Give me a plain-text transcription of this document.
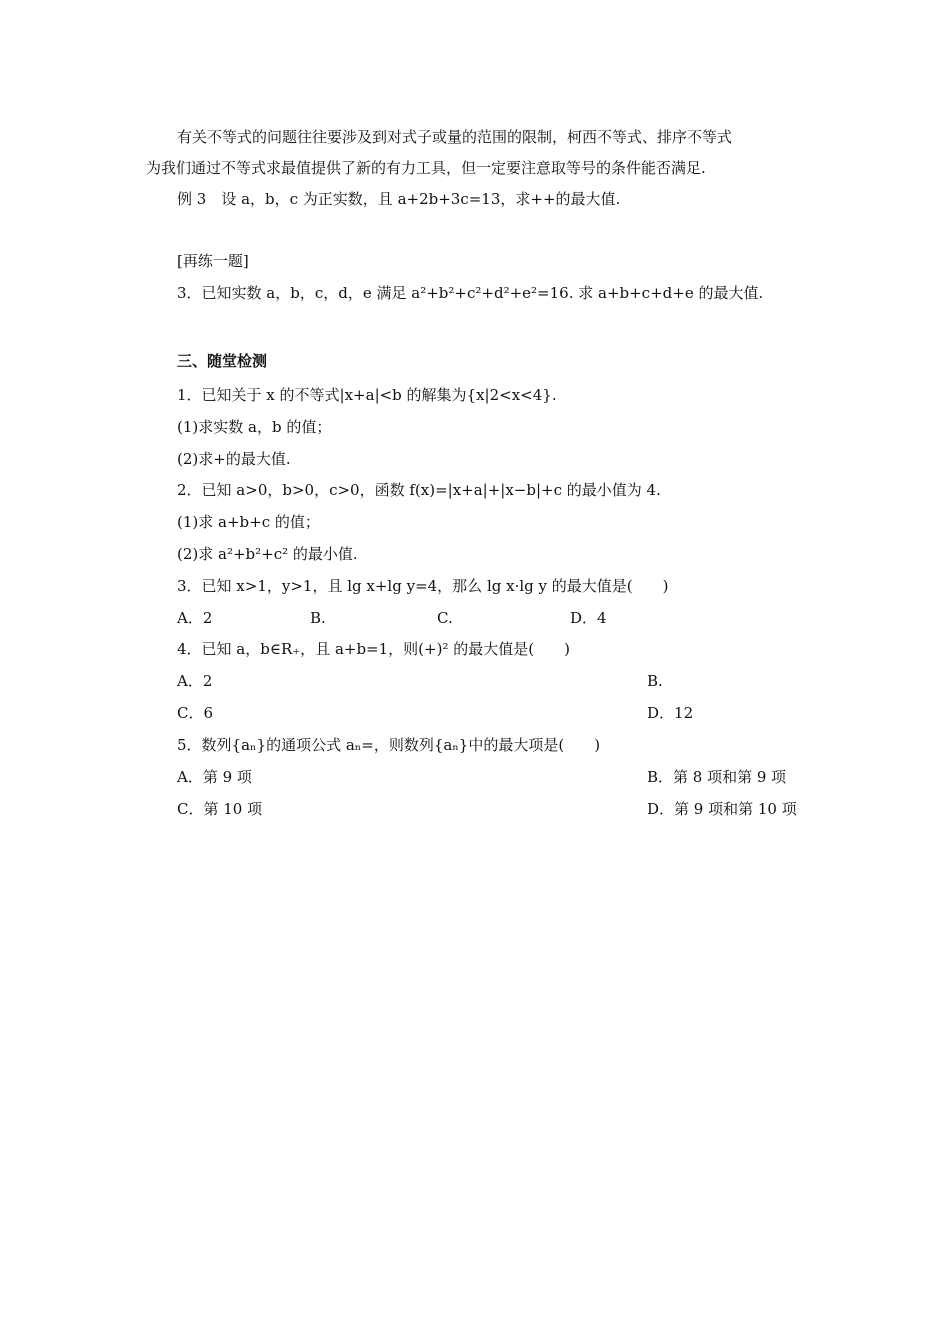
有关不等式的问题往往要涉及到对式子或量的范围的限制，柯西不等式、排序不等式
为我们通过不等式求最值提供了新的有力工具，但一定要注意取等号的条件能否满足.
例 3　设 a，b，c 为正实数，且 a+2b+3c=13，求++的最大值.
[再练一题]
3．已知实数 a，b，c，d，e 满足 a²+b²+c²+d²+e²=16. 求 a+b+c+d+e 的最大值.
三、随堂检测
1．已知关于 x 的不等式|x+a|<b 的解集为{x|2<x<4}.
(1)求实数 a，b 的值；
(2)求+的最大值.
2．已知 a>0，b>0，c>0，函数 f(x)=|x+a|+|x−b|+c 的最小值为 4.
(1)求 a+b+c 的值；
(2)求 a²+b²+c² 的最小值.
3．已知 x>1，y>1，且 lg x+lg y=4，那么 lg x·lg y 的最大值是(　　)
A．2	B.	C.	D．4
4．已知 a，b∈R₊，且 a+b=1，则(+)² 的最大值是(　　)
A．2	B.
C．6	D．12
5．数列{aₙ}的通项公式 aₙ=，则数列{aₙ}中的最大项是(　　)
A．第 9 项	B．第 8 项和第 9 项
C．第 10 项	D．第 9 项和第 10 项
